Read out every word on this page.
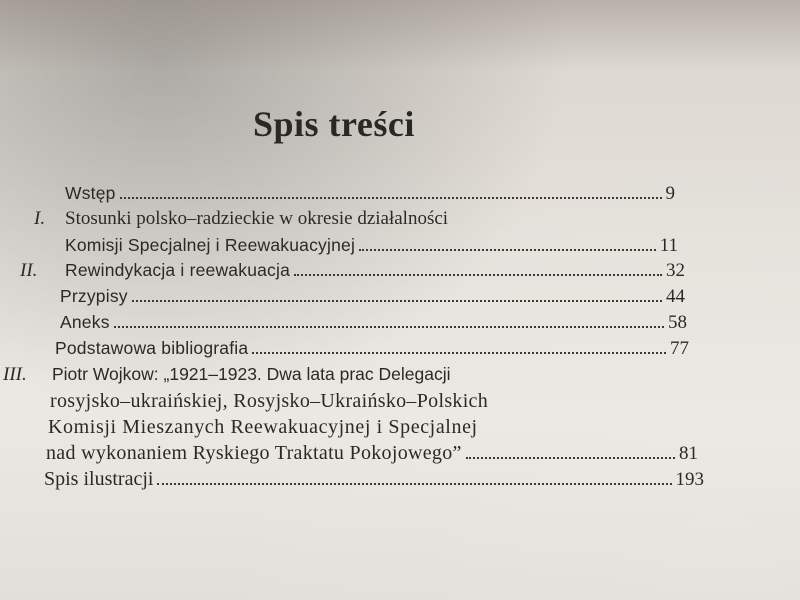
Spis treści
Wstęp	9
I. Stosunki polsko–radzieckie w okresie działalności
Komisji Specjalnej i Reewakuacyjnej	11
II. Rewindykacja i reewakuacja	32
Przypisy	44
Aneks	58
Podstawowa bibliografia	77
III. Piotr Wojkow: „1921–1923. Dwa lata prac Delegacji
rosyjsko–ukraińskiej, Rosyjsko–Ukraińsko–Polskich
Komisji Mieszanych Reewakuacyjnej i Specjalnej
nad wykonaniem Ryskiego Traktatu Pokojowego”	81
Spis ilustracji	193
